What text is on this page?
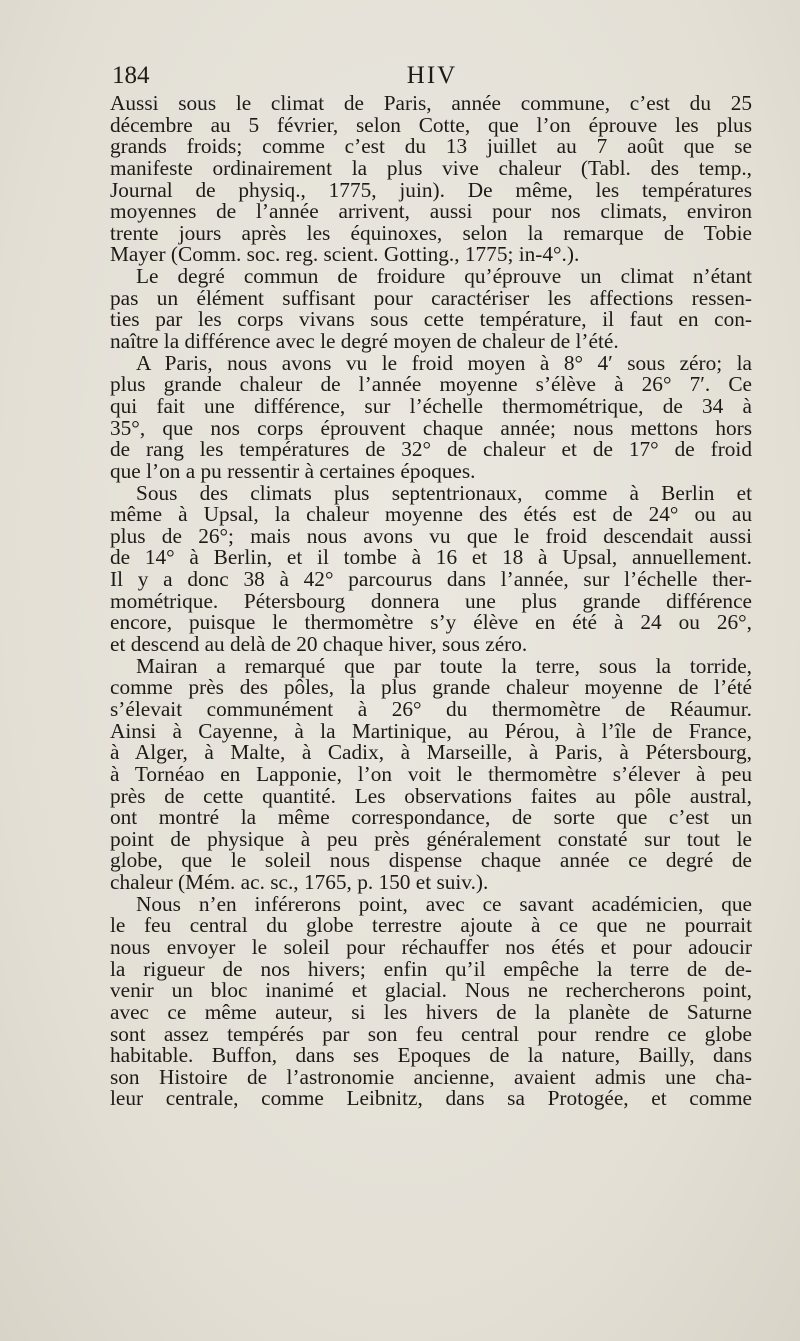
184	HIV
Aussi sous le climat de Paris, année commune, c’est du 25
décembre au 5 février, selon Cotte, que l’on éprouve les plus
grands froids; comme c’est du 13 juillet au 7 août que se
manifeste ordinairement la plus vive chaleur (Tabl. des temp.,
Journal de physiq., 1775, juin). De même, les températures
moyennes de l’année arrivent, aussi pour nos climats, environ
trente jours après les équinoxes, selon la remarque de Tobie
Mayer (Comm. soc. reg. scient. Gotting., 1775; in-4°.).
Le degré commun de froidure qu’éprouve un climat n’étant
pas un élément suffisant pour caractériser les affections ressen-
ties par les corps vivans sous cette température, il faut en con-
naître la différence avec le degré moyen de chaleur de l’été.
A Paris, nous avons vu le froid moyen à 8° 4′ sous zéro; la
plus grande chaleur de l’année moyenne s’élève à 26° 7′. Ce
qui fait une différence, sur l’échelle thermométrique, de 34 à
35°, que nos corps éprouvent chaque année; nous mettons hors
de rang les températures de 32° de chaleur et de 17° de froid
que l’on a pu ressentir à certaines époques.
Sous des climats plus septentrionaux, comme à Berlin et
même à Upsal, la chaleur moyenne des étés est de 24° ou au
plus de 26°; mais nous avons vu que le froid descendait aussi
de 14° à Berlin, et il tombe à 16 et 18 à Upsal, annuellement.
Il y a donc 38 à 42° parcourus dans l’année, sur l’échelle ther-
mométrique. Pétersbourg donnera une plus grande différence
encore, puisque le thermomètre s’y élève en été à 24 ou 26°,
et descend au delà de 20 chaque hiver, sous zéro.
Mairan a remarqué que par toute la terre, sous la torride,
comme près des pôles, la plus grande chaleur moyenne de l’été
s’élevait communément à 26° du thermomètre de Réaumur.
Ainsi à Cayenne, à la Martinique, au Pérou, à l’île de France,
à Alger, à Malte, à Cadix, à Marseille, à Paris, à Pétersbourg,
à Tornéao en Lapponie, l’on voit le thermomètre s’élever à peu
près de cette quantité. Les observations faites au pôle austral,
ont montré la même correspondance, de sorte que c’est un
point de physique à peu près généralement constaté sur tout le
globe, que le soleil nous dispense chaque année ce degré de
chaleur (Mém. ac. sc., 1765, p. 150 et suiv.).
Nous n’en inférerons point, avec ce savant académicien, que
le feu central du globe terrestre ajoute à ce que ne pourrait
nous envoyer le soleil pour réchauffer nos étés et pour adoucir
la rigueur de nos hivers; enfin qu’il empêche la terre de de-
venir un bloc inanimé et glacial. Nous ne rechercherons point,
avec ce même auteur, si les hivers de la planète de Saturne
sont assez tempérés par son feu central pour rendre ce globe
habitable. Buffon, dans ses Epoques de la nature, Bailly, dans
son Histoire de l’astronomie ancienne, avaient admis une cha-
leur centrale, comme Leibnitz, dans sa Protogée, et comme
